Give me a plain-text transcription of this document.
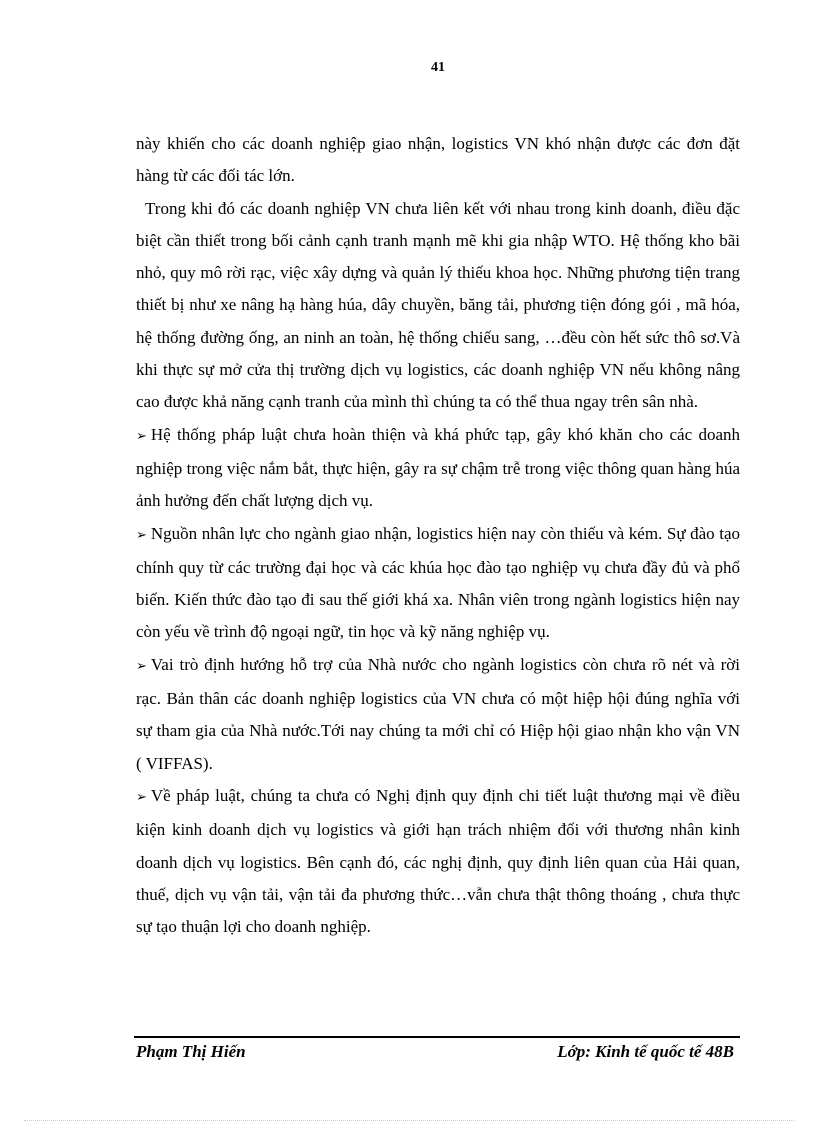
41

này khiến cho các doanh nghiệp giao nhận, logistics VN khó nhận được các đơn đặt hàng từ các đối tác lớn.

Trong khi đó các doanh nghiệp VN chưa liên kết với nhau trong kinh doanh, điều đặc biệt cần thiết trong bối cảnh cạnh tranh mạnh mẽ khi gia nhập WTO. Hệ thống kho bãi nhỏ, quy mô rời rạc, việc xây dựng và quản lý thiếu khoa học. Những phương tiện trang thiết bị như xe nâng hạ hàng húa, dây chuyền, băng tải, phương tiện đóng gói , mã hóa, hệ thống đường ống, an ninh an toàn, hệ thống chiếu sang, …đều còn hết sức thô sơ.Và khi thực sự mở cửa thị trường dịch vụ logistics, các doanh nghiệp VN nếu không nâng cao được khả năng cạnh tranh của mình thì chúng ta có thể thua ngay trên sân nhà.

➢ Hệ thống pháp luật chưa hoàn thiện và khá phức tạp, gây khó khăn cho các doanh nghiệp trong việc nắm bắt, thực hiện, gây ra sự chậm trễ trong việc thông quan hàng húa ảnh hưởng đến chất lượng dịch vụ.

➢ Nguồn nhân lực cho ngành giao nhận, logistics hiện nay còn thiếu và kém. Sự đào tạo chính quy từ các trường đại học và các khúa học đào tạo nghiệp vụ chưa đầy đủ và phổ biến. Kiến thức đào tạo đi sau thế giới khá xa. Nhân viên trong ngành logistics hiện nay còn yếu về trình độ ngoại ngữ, tin học và kỹ năng nghiệp vụ.

➢ Vai trò định hướng hỗ trợ của Nhà nước cho ngành logistics còn chưa rõ nét và rời rạc. Bản thân các doanh nghiệp logistics của VN chưa có một hiệp hội đúng nghĩa với sự tham gia của Nhà nước.Tới nay chúng ta mới chỉ có Hiệp hội giao nhận kho vận VN ( VIFFAS).

➢ Về pháp luật, chúng ta chưa có Nghị định quy định chi tiết luật thương mại về điều kiện kinh doanh dịch vụ logistics và giới hạn trách nhiệm đối với thương nhân kinh doanh dịch vụ logistics. Bên cạnh đó, các nghị định, quy định liên quan của Hải quan, thuế, dịch vụ vận tải, vận tải đa phương thức…vẫn chưa thật thông thoáng , chưa thực sự tạo thuận lợi cho doanh nghiệp.

Phạm Thị Hiến	Lớp: Kinh tế quốc tế 48B
